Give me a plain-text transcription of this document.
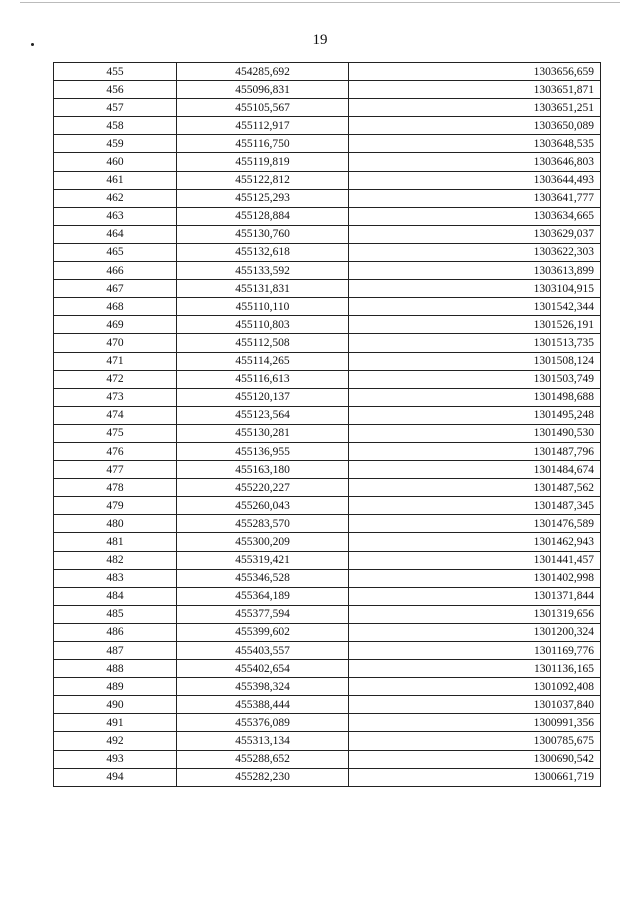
19
455	454285,692	1303656,659
456	455096,831	1303651,871
457	455105,567	1303651,251
458	455112,917	1303650,089
459	455116,750	1303648,535
460	455119,819	1303646,803
461	455122,812	1303644,493
462	455125,293	1303641,777
463	455128,884	1303634,665
464	455130,760	1303629,037
465	455132,618	1303622,303
466	455133,592	1303613,899
467	455131,831	1303104,915
468	455110,110	1301542,344
469	455110,803	1301526,191
470	455112,508	1301513,735
471	455114,265	1301508,124
472	455116,613	1301503,749
473	455120,137	1301498,688
474	455123,564	1301495,248
475	455130,281	1301490,530
476	455136,955	1301487,796
477	455163,180	1301484,674
478	455220,227	1301487,562
479	455260,043	1301487,345
480	455283,570	1301476,589
481	455300,209	1301462,943
482	455319,421	1301441,457
483	455346,528	1301402,998
484	455364,189	1301371,844
485	455377,594	1301319,656
486	455399,602	1301200,324
487	455403,557	1301169,776
488	455402,654	1301136,165
489	455398,324	1301092,408
490	455388,444	1301037,840
491	455376,089	1300991,356
492	455313,134	1300785,675
493	455288,652	1300690,542
494	455282,230	1300661,719
